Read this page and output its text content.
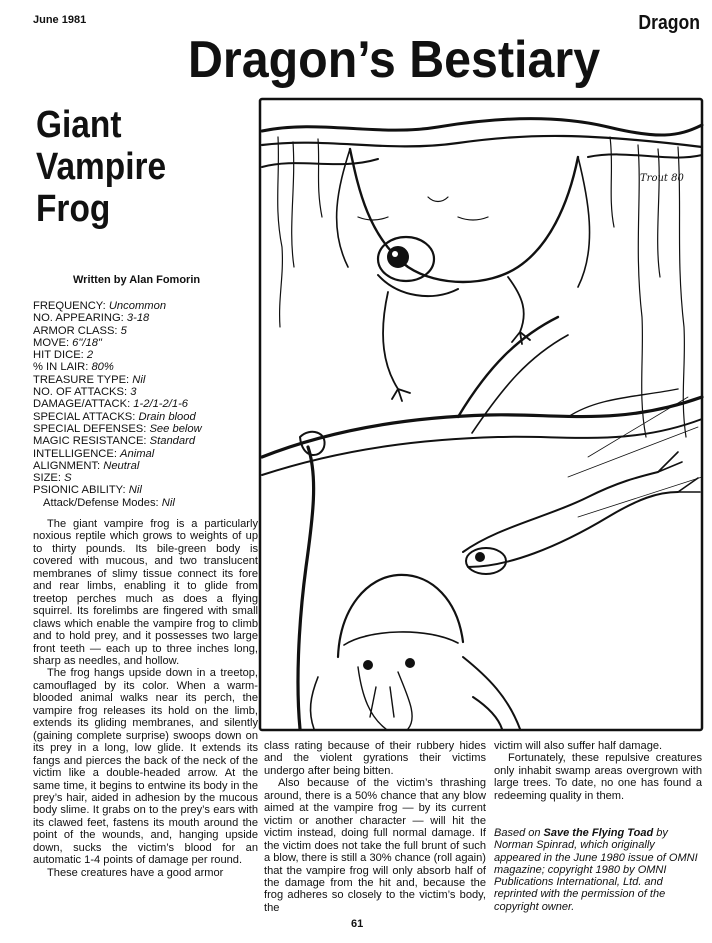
June 1981	Dragon
Dragon’s Bestiary
Giant
Vampire
Frog
Written by Alan Fomorin
FREQUENCY: Uncommon
NO. APPEARING: 3-18
ARMOR CLASS: 5
MOVE: 6"/18"
HIT DICE: 2
% IN LAIR: 80%
TREASURE TYPE: Nil
NO. OF ATTACKS: 3
DAMAGE/ATTACK: 1-2/1-2/1-6
SPECIAL ATTACKS: Drain blood
SPECIAL DEFENSES: See below
MAGIC RESISTANCE: Standard
INTELLIGENCE: Animal
ALIGNMENT: Neutral
SIZE: S
PSIONIC ABILITY: Nil
Attack/Defense Modes: Nil

The giant vampire frog is a particularly noxious reptile which grows to weights of up to thirty pounds. Its bile-green body is covered with mucous, and two translucent membranes of slimy tissue connect its fore and rear limbs, enabling it to glide from treetop perches much as does a flying squirrel. Its forelimbs are fingered with small claws which enable the vampire frog to climb and to hold prey, and it possesses two large front teeth — each up to three inches long, sharp as needles, and hollow.

The frog hangs upside down in a treetop, camouflaged by its color. When a warm-blooded animal walks near its perch, the vampire frog releases its hold on the limb, extends its gliding membranes, and silently (gaining complete surprise) swoops down on its prey in a long, low glide. It extends its fangs and pierces the back of the neck of the victim like a double-headed arrow. At the same time, it begins to entwine its body in the prey’s hair, aided in adhesion by the mucous body slime. It grabs on to the prey’s ears with its clawed feet, fastens its mouth around the point of the wounds, and, hanging upside down, sucks the victim’s blood for an automatic 1-4 points of damage per round.

These creatures have a good armor

class rating because of their rubbery hides and the violent gyrations their victims undergo after being bitten.

Also because of the victim’s thrashing around, there is a 50% chance that any blow aimed at the vampire frog — by its current victim or another character — will hit the victim instead, doing full normal damage. If the victim does not take the full brunt of such a blow, there is still a 30% chance (roll again) that the vampire frog will only absorb half of the damage from the hit and, because the frog adheres so closely to the victim’s body, the

victim will also suffer half damage.

Fortunately, these repulsive creatures only inhabit swamp areas overgrown with large trees. To date, no one has found a redeeming quality in them.

Based on Save the Flying Toad by Norman Spinrad, which originally appeared in the June 1980 issue of OMNI magazine; copyright 1980 by OMNI Publications International, Ltd. and reprinted with the permission of the copyright owner.
61
Trout 80
